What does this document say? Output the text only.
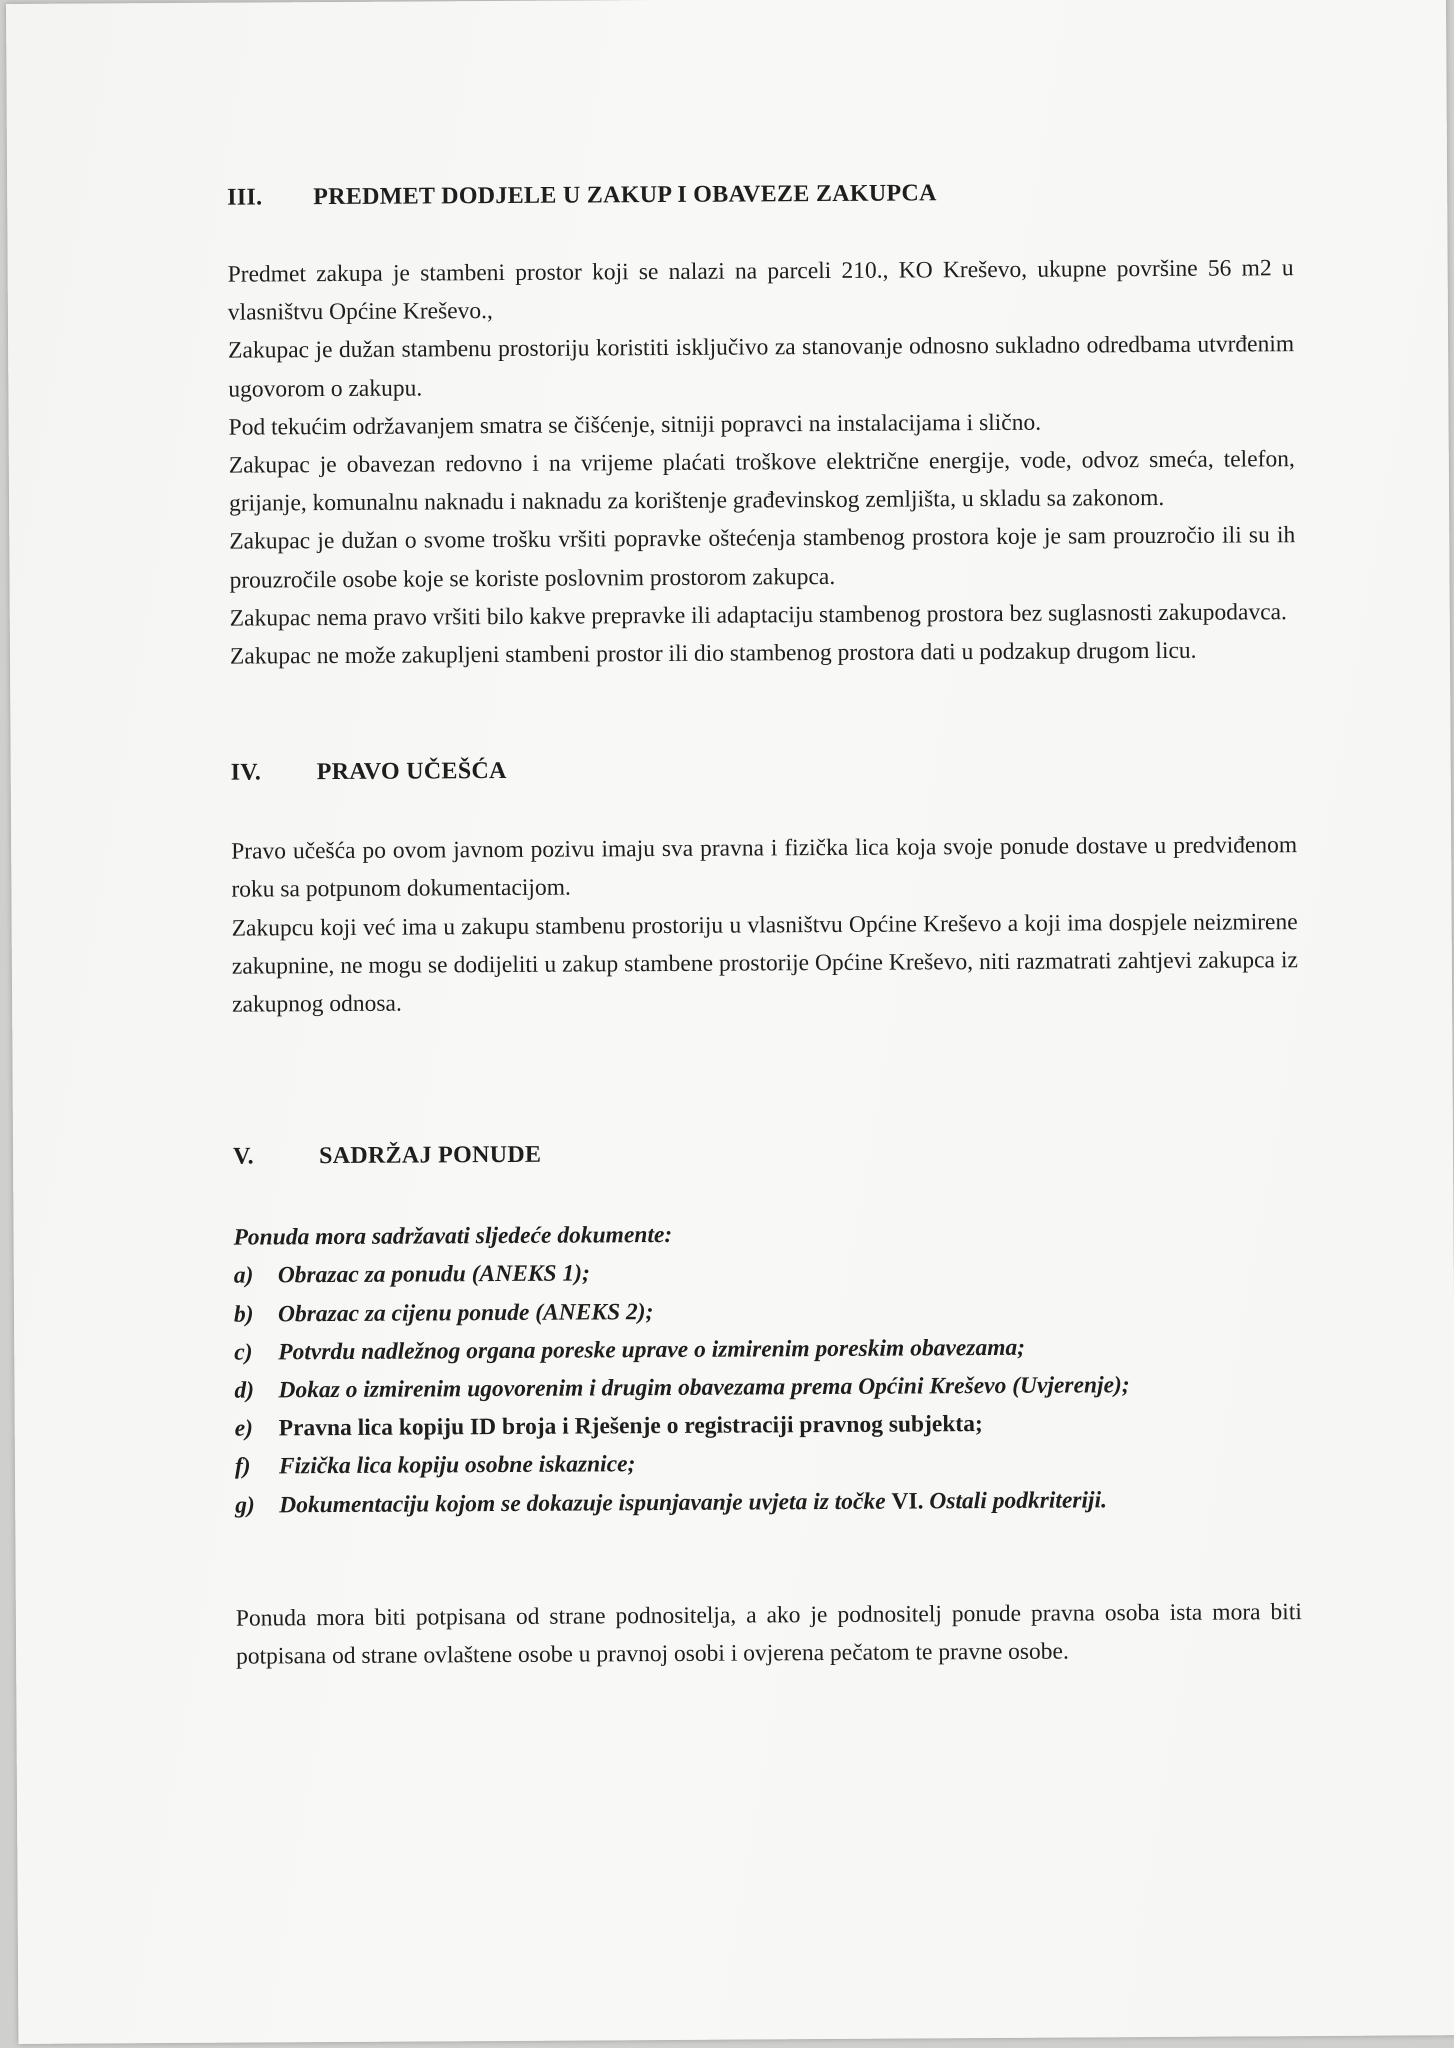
III.	PREDMET DODJELE U ZAKUP I OBAVEZE ZAKUPCA

Predmet zakupa je stambeni prostor koji se nalazi na parceli 210., KO Kreševo, ukupne površine 56 m2 u vlasništvu Općine Kreševo.,

Zakupac je dužan stambenu prostoriju koristiti isključivo za stanovanje odnosno sukladno odredbama utvrđenim ugovorom o zakupu.

Pod tekućim održavanjem smatra se čišćenje, sitniji popravci na instalacijama i slično.

Zakupac je obavezan redovno i na vrijeme plaćati troškove električne energije, vode, odvoz smeća, telefon, grijanje, komunalnu naknadu i naknadu za korištenje građevinskog zemljišta, u skladu sa zakonom.

Zakupac je dužan o svome trošku vršiti popravke oštećenja stambenog prostora koje je sam prouzročio ili su ih prouzročile osobe koje se koriste poslovnim prostorom zakupca.

Zakupac nema pravo vršiti bilo kakve prepravke ili adaptaciju stambenog prostora bez suglasnosti zakupodavca.

Zakupac ne može zakupljeni stambeni prostor ili dio stambenog prostora dati u podzakup drugom licu.

IV.	PRAVO UČEŠĆA

Pravo učešća po ovom javnom pozivu imaju sva pravna i fizička lica koja svoje ponude dostave u predviđenom roku sa potpunom dokumentacijom.

Zakupcu koji već ima u zakupu stambenu prostoriju u vlasništvu Općine Kreševo a koji ima dospjele neizmirene zakupnine, ne mogu se dodijeliti u zakup stambene prostorije Općine Kreševo, niti razmatrati zahtjevi zakupca iz zakupnog odnosa.

V.	SADRŽAJ PONUDE

Ponuda mora sadržavati sljedeće dokumente:

a)	Obrazac za ponudu (ANEKS 1);
b)	Obrazac za cijenu ponude (ANEKS 2);
c)	Potvrdu nadležnog organa poreske uprave o izmirenim poreskim obavezama;
d)	Dokaz o izmirenim ugovorenim i drugim obavezama prema Općini Kreševo (Uvjerenje);
e)	Pravna lica kopiju ID broja i Rješenje o registraciji pravnog subjekta;
f)	Fizička lica kopiju osobne iskaznice;
g)	Dokumentaciju kojom se dokazuje ispunjavanje uvjeta iz točke VI. Ostali podkriteriji.

Ponuda mora biti potpisana od strane podnositelja, a ako je podnositelj ponude pravna osoba ista mora biti potpisana od strane ovlaštene osobe u pravnoj osobi i ovjerena pečatom te pravne osobe.
